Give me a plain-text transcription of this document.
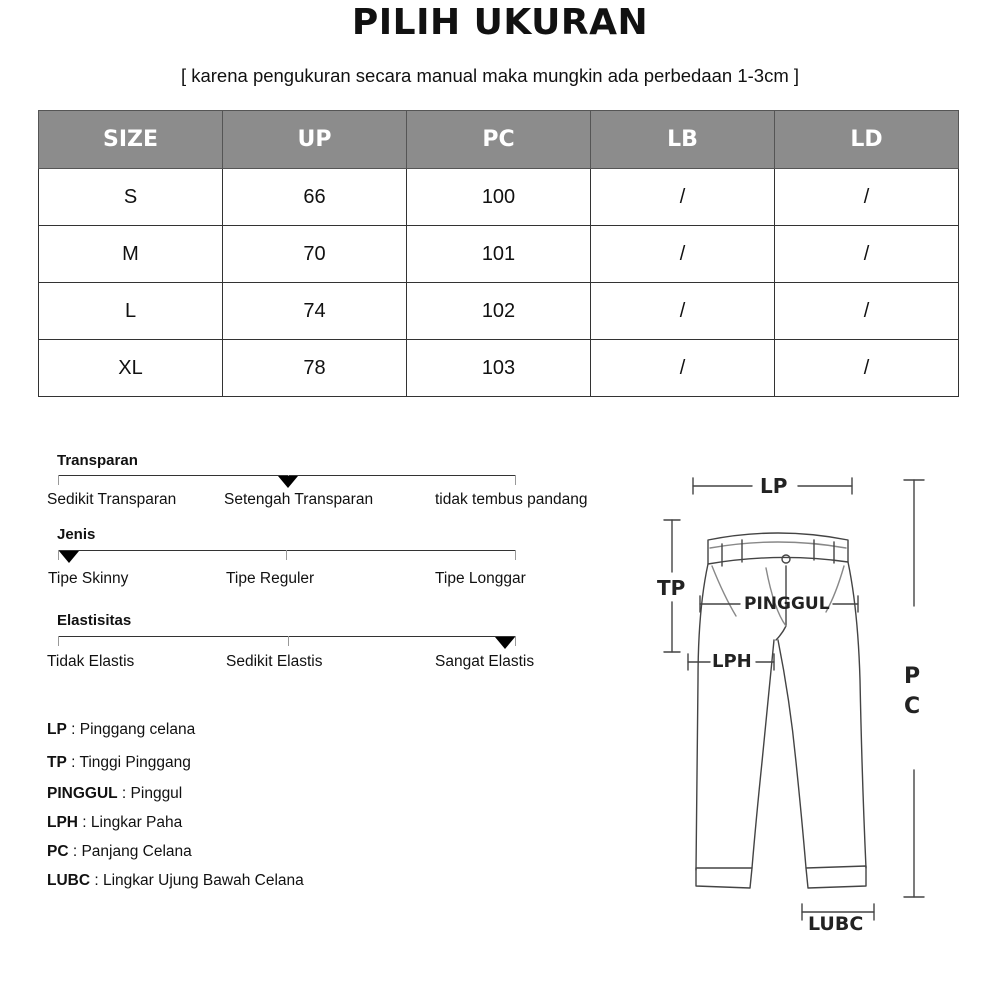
PILIH UKURAN
[ karena pengukuran secara manual maka mungkin ada perbedaan 1-3cm ]
SIZE	UP	PC	LB	LD
S	66	100	/	/
M	70	101	/	/
L	74	102	/	/
XL	78	103	/	/
Transparan
Sedikit Transparan	Setengah Transparan	tidak tembus pandang
Jenis
Tipe Skinny	Tipe Reguler	Tipe Longgar
Elastisitas
Tidak Elastis	Sedikit Elastis	Sangat Elastis
LP : Pinggang celana
TP : Tinggi Pinggang
PINGGUL : Pinggul
LPH : Lingkar Paha
PC : Panjang Celana
LUBC : Lingkar Ujung Bawah Celana
LP
TP
PINGGUL
LPH
P
C
LUBC
